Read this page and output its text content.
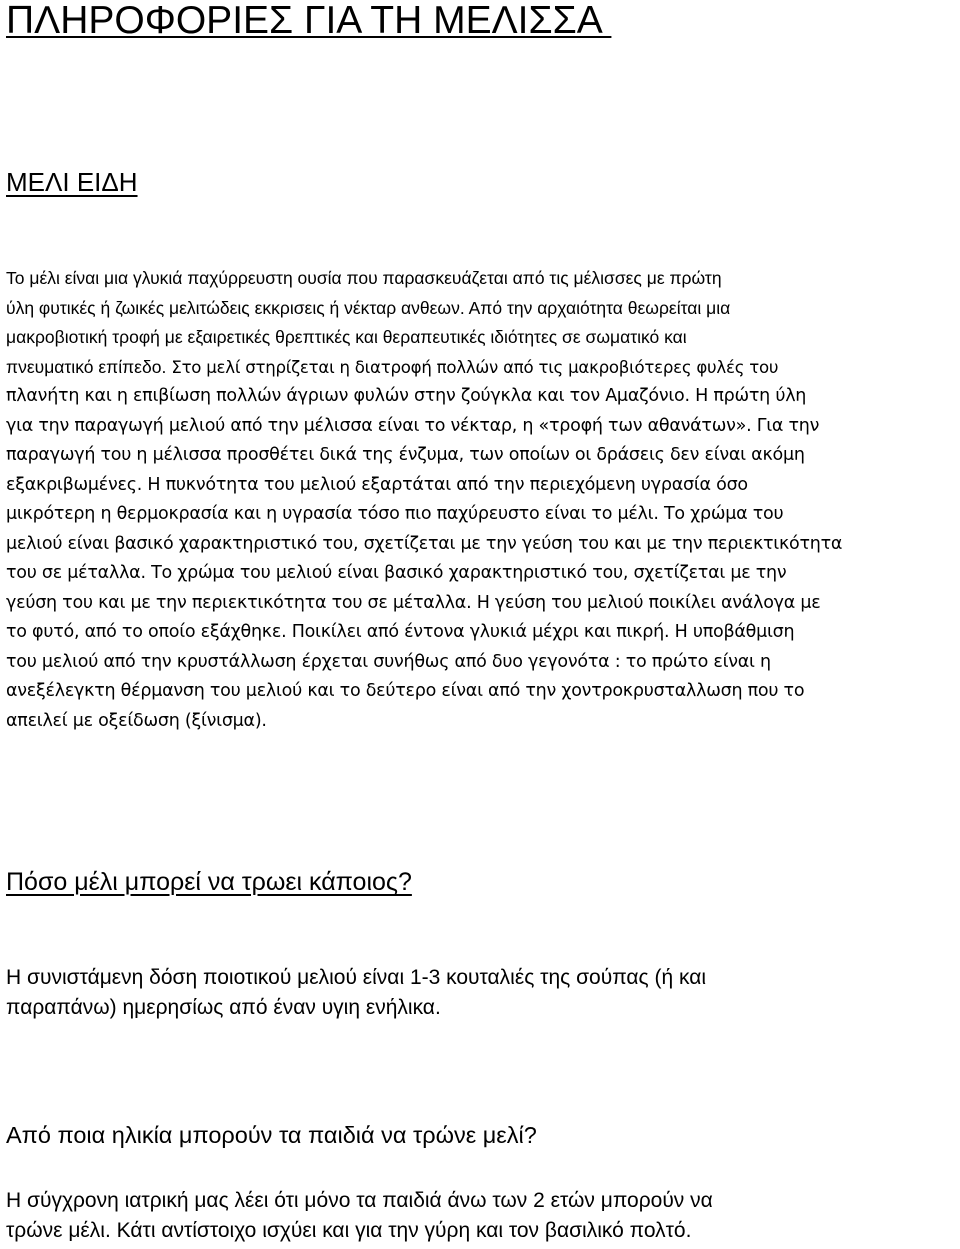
ΠΛΗΡΟΦΟΡΙΕΣ ΓΙΑ ΤΗ ΜΕΛΙΣΣΑ
ΜΕΛΙ ΕΙΔΗ
Το μέλι είναι μια γλυκιά παχύρρευστη ουσία που παρασκευάζεται από τις μέλισσες με πρώτη
ύλη φυτικές ή ζωικές μελιτώδεις εκκρισεις ή νέκταρ ανθεων. Από την αρχαιότητα θεωρείται μια
μακροβιοτική τροφή με εξαιρετικές θρεπτικές και θεραπευτικές ιδιότητες σε σωματικό και
πνευματικό επίπεδο. Στο μελί στηρίζεται η διατροφή πολλών από τις μακροβιότερες φυλές του
πλανήτη και η επιβίωση πολλών άγριων φυλών στην ζούγκλα και τον Αμαζόνιο. Η πρώτη ύλη
για την παραγωγή μελιού από την μέλισσα είναι το νέκταρ, η «τροφή των αθανάτων». Για την
παραγωγή του η μέλισσα προσθέτει δικά της ένζυμα, των οποίων οι δράσεις δεν είναι ακόμη
εξακριβωμένες. Η πυκνότητα του μελιού εξαρτάται από την περιεχόμενη υγρασία όσο
μικρότερη η θερμοκρασία και η υγρασία τόσο πιο παχύρευστο είναι το μέλι. Το χρώμα του
μελιού είναι βασικό χαρακτηριστικό του, σχετίζεται με την γεύση του και με την περιεκτικότητα
του σε μέταλλα. Το χρώμα του μελιού είναι βασικό χαρακτηριστικό του, σχετίζεται με την
γεύση του και με την περιεκτικότητα του σε μέταλλα. Η γεύση του μελιού ποικίλει ανάλογα με
το φυτό, από το οποίο εξάχθηκε. Ποικίλει από έντονα γλυκιά μέχρι και πικρή. Η υποβάθμιση
του μελιού από την κρυστάλλωση έρχεται συνήθως από δυο γεγονότα : το πρώτο είναι η
ανεξέλεγκτη θέρμανση του μελιού και το δεύτερο είναι από την χοντροκρυσταλλωση που το
απειλεί με οξείδωση (ξίνισμα).
Πόσο μέλι μπορεί να τρωει κάποιος?
Η συνιστάμενη δόση ποιοτικού μελιού είναι 1-3 κουταλιές της σούπας (ή και
παραπάνω) ημερησίως από έναν υγιη ενήλικα.
Από ποια ηλικία μπορούν τα παιδιά να τρώνε μελί?
Η σύγχρονη ιατρική μας λέει ότι μόνο τα παιδιά άνω των 2 ετών μπορούν να
τρώνε μέλι. Κάτι αντίστοιχο ισχύει και για την γύρη και τον βασιλικό πολτό.
